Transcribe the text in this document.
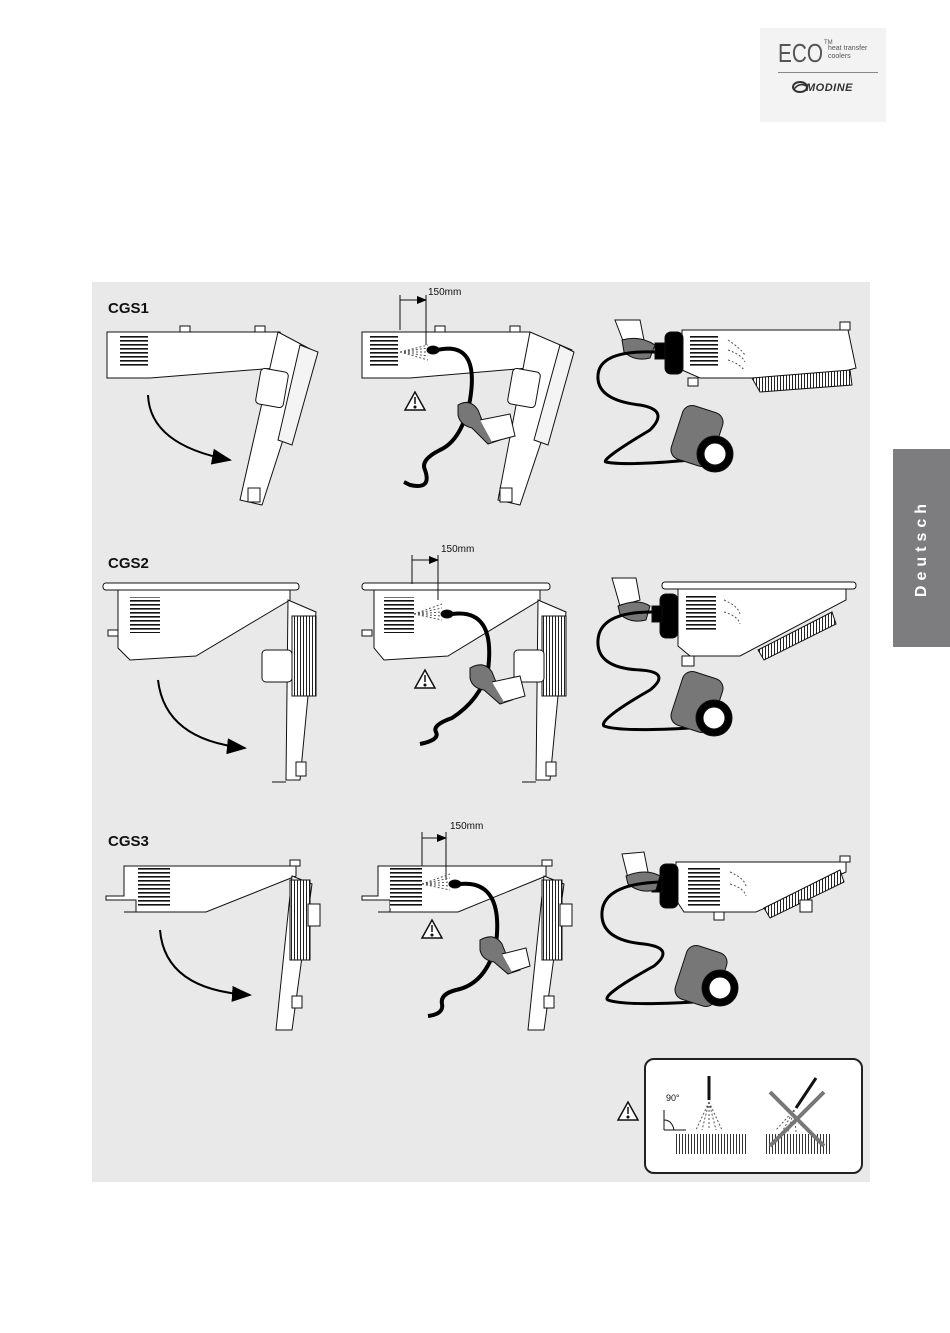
ECO TM
heat transfer coolers
MODINE
Deutsch
CGS1
CGS2
CGS3
150mm
150mm
150mm
90°
